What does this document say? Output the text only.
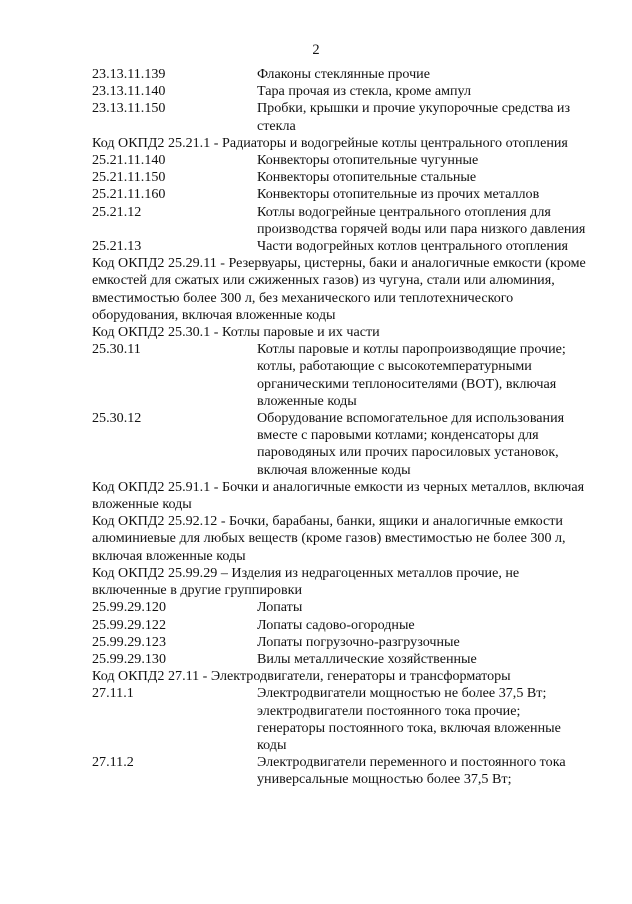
2
23.13.11.139	Флаконы стеклянные прочие
23.13.11.140	Тара прочая из стекла, кроме ампул
23.13.11.150	Пробки, крышки и прочие укупорочные средства из стекла
Код ОКПД2 25.21.1 - Радиаторы и водогрейные котлы центрального отопления
25.21.11.140	Конвекторы отопительные чугунные
25.21.11.150	Конвекторы отопительные стальные
25.21.11.160	Конвекторы отопительные из прочих металлов
25.21.12	Котлы водогрейные центрального отопления для производства горячей воды или пара низкого давления
25.21.13	Части водогрейных котлов центрального отопления
Код ОКПД2 25.29.11 - Резервуары, цистерны, баки и аналогичные емкости (кроме емкостей для сжатых или сжиженных газов) из чугуна, стали или алюминия, вместимостью более 300 л, без механического или теплотехнического оборудования, включая вложенные коды
Код ОКПД2 25.30.1 - Котлы паровые и их части
25.30.11	Котлы паровые и котлы паропроизводящие прочие; котлы, работающие с высокотемпературными органическими теплоносителями (ВОТ), включая вложенные коды
25.30.12	Оборудование вспомогательное для использования вместе с паровыми котлами; конденсаторы для пароводяных или прочих паросиловых установок, включая вложенные коды
Код ОКПД2 25.91.1 - Бочки и аналогичные емкости из черных металлов, включая вложенные коды
Код ОКПД2 25.92.12 - Бочки, барабаны, банки, ящики и аналогичные емкости алюминиевые для любых веществ (кроме газов) вместимостью не более 300 л, включая вложенные коды
Код ОКПД2 25.99.29 – Изделия из недрагоценных металлов прочие, не включенные в другие группировки
25.99.29.120	Лопаты
25.99.29.122	Лопаты садово-огородные
25.99.29.123	Лопаты погрузочно-разгрузочные
25.99.29.130	Вилы металлические хозяйственные
Код ОКПД2 27.11 - Электродвигатели, генераторы и трансформаторы
27.11.1	Электродвигатели мощностью не более 37,5 Вт; электродвигатели постоянного тока прочие; генераторы постоянного тока, включая вложенные коды
27.11.2	Электродвигатели переменного и постоянного тока универсальные мощностью более 37,5 Вт;
